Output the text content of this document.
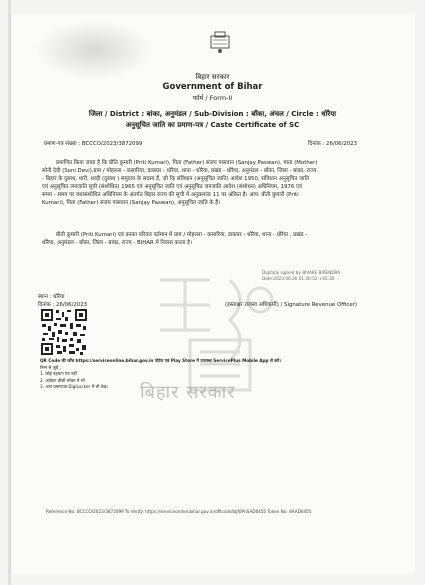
बिहार सरकार
Government of Bihar
फॉर्म / Form-II
जिला / District : बांका, अनुमंडल / Sub-Division : बाँका, अंचल / Circle : धोरैया
अनुसूचित जाति का प्रमाण-पत्र / Caste Certificate of SC
प्रमाण-पत्र संख्या : BCCCO/2023/3872099	दिनांक : 26/06/2023
प्रमाणित किया जाता है कि प्रीति कुमारी (Priti Kumari), पिता (Father) संजय पासवान (Sanjay Paswan), माता (Mother)
सोनी देवी (Soni Devi),ग्राम / मोहल्ला - कसारिया, डाकघर - धोरैया, थाना - धोरैया, प्रखंड - धोरैया, अनुमंडल - बाँका, जिला - बांका, राज्य
- बिहार के दुसाध, धारी, धरही (दुसाध ) समुदाय के सदस्य हैं, जो कि संविधान (अनुसूचित जाति) आदेश 1950, संविधान अनुसूचित जाति
एवं अनुसूचित जनजाति सूची (संशोधित) 1965 एवं अनुसूचित जाति एवं अनुसूचित जनजाति आदेश (संशोधन) अधिनियम, 1976 एवं
समय - समय पर यथासंशोधित अधिनियम के अंतर्गत बिहार राज्य की सूची में अनुक्रमांक 11 पर अंकित है। आप: प्रीती कुमारी (Priti
Kumari), पिता (Father) संजय पासवान (Sanjay Paswan), अनुसूचित जाति के हैं।
प्रीती कुमारी (Priti Kumari) एवं उनका परिवार वर्तमान में ग्राम / मोहल्ला - कसारिया, डाकघर - धोरैया, थाना - धोरैया , प्रखंड -
धोरैया, अनुमंडल - बाँका, जिला - बांका, राज्य - BIHAR में निवास करता है।
बिहार सरकार
Digitally signed by BIVAKE BIRENDRA
Date:2023.06.26 01:30:52 +05:30
स्थान : धोरैया
दिनांक : 26/06/2023	(हस्ताक्षर राजस्व अधिकारी) / Signature Revenue Officer)
QR Code की जाँच https://serviceonline.bihar.gov.in पोर्टल एवं Play Store में उपलब्ध ServicePlus Mobile App से करें।
निम्न से जुड़ें :
1. कोई पहचान पत्र नहीं
2. आवेदन डीज़ी लॉकर मे भी
3. आप प्रमाणपत्र DigiLocker में भी देख।
Reference No: BCCCO/2023/3872099 To Verify: https://serviceonline.bihar.gov.in/officials/bljf0PnSAD6455 Token No: 8AAD6455
